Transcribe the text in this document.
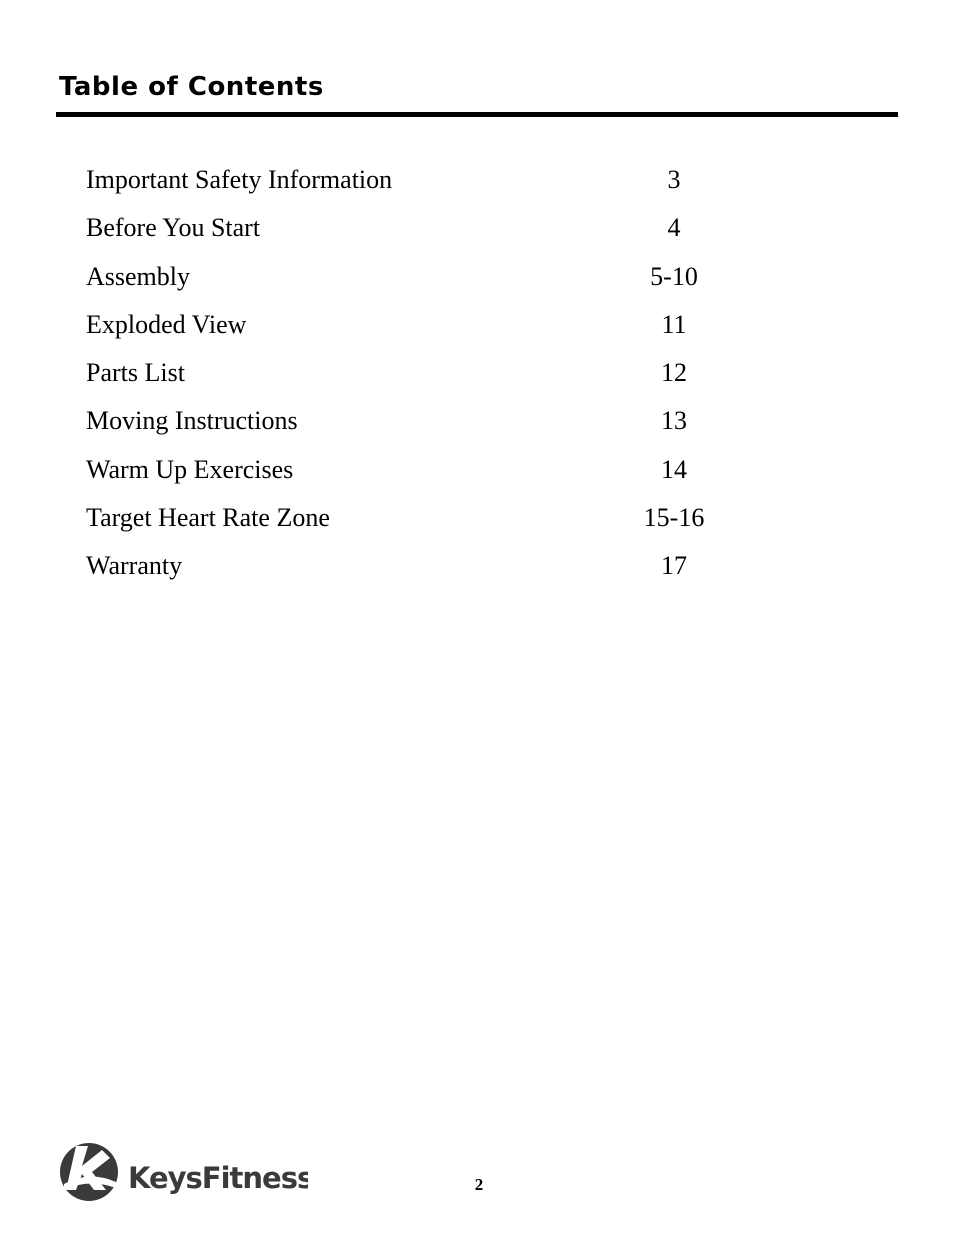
Table of Contents
Important Safety Information	3
Before You Start	4
Assembly	5-10
Exploded View	11
Parts List	12
Moving Instructions	13
Warm Up Exercises	14
Target Heart Rate Zone	15-16
Warranty	17
KeysFitness	2
